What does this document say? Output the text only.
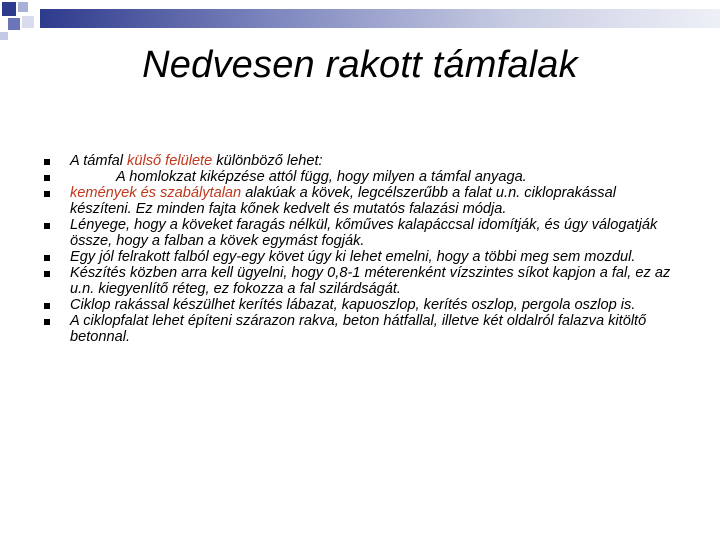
Nedvesen rakott támfalak
A támfal külső felülete különböző lehet:
A homlokzat kiképzése attól függ, hogy milyen a támfal anyaga.
kemények és szabálytalan alakúak a kövek, legcélszerűbb a falat u.n. cikloprakással készíteni. Ez minden fajta kőnek kedvelt és mutatós falazási módja.
Lényege, hogy a köveket faragás nélkül, kőműves kalapáccsal idomítják, és úgy válogatják össze, hogy a falban a kövek egymást fogják.
Egy jól felrakott falból egy-egy követ úgy ki lehet emelni, hogy a többi meg sem mozdul.
Készítés közben arra kell ügyelni, hogy 0,8-1 méterenként vízszintes síkot kapjon a fal, ez az u.n. kiegyenlítő réteg, ez fokozza a fal szilárdságát.
Ciklop rakással készülhet kerítés lábazat, kapuoszlop, kerítés oszlop, pergola oszlop is.
A ciklopfalat lehet építeni szárazon rakva, beton hátfallal, illetve két oldalról falazva kitöltő betonnal.
